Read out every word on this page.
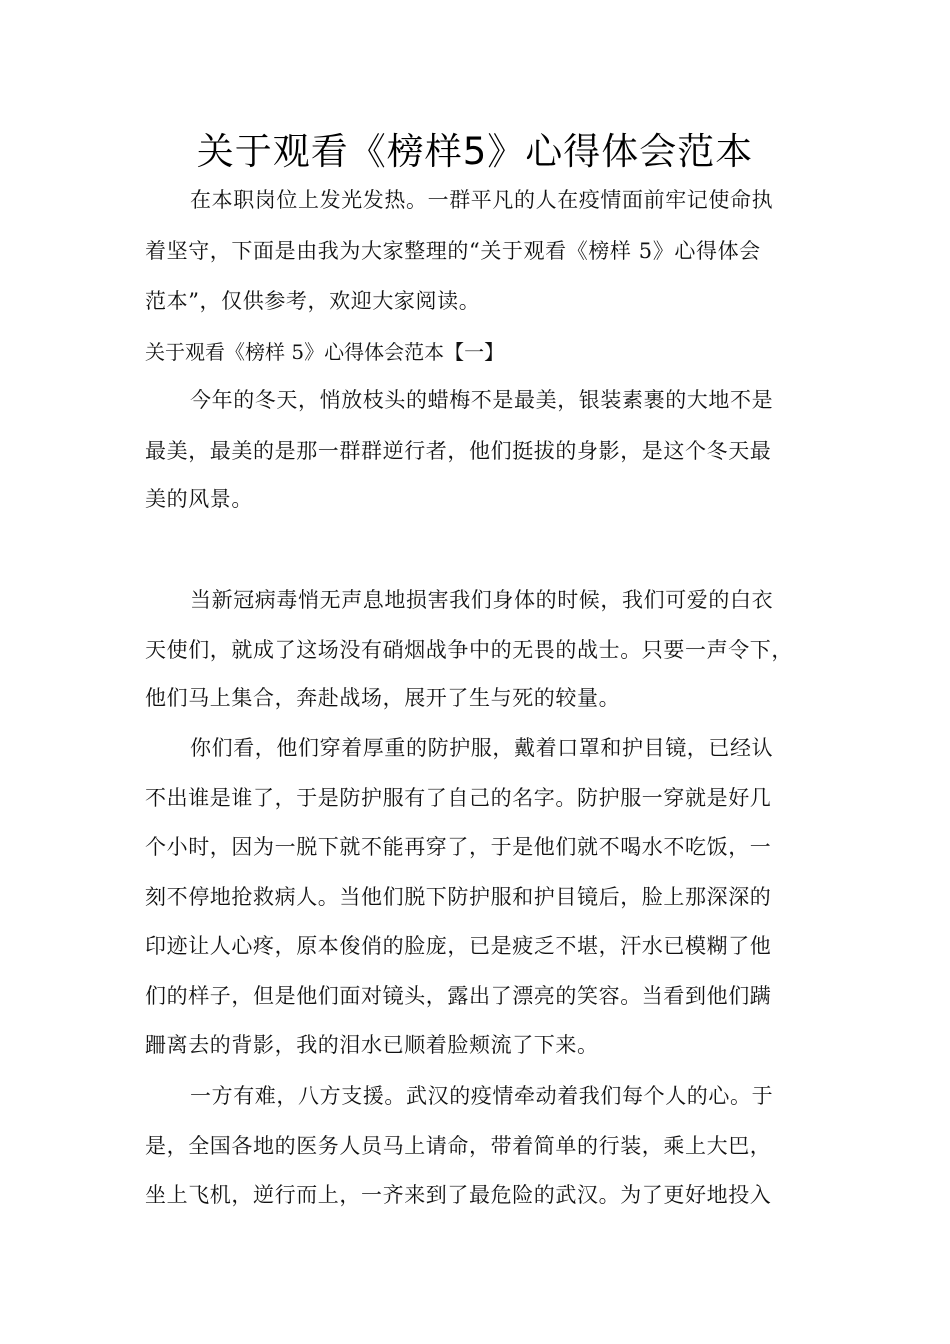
关于观看《榜样5》心得体会范本
在本职岗位上发光发热。一群平凡的人在疫情面前牢记使命执
着坚守，下面是由我为大家整理的“关于观看《榜样 5》心得体会
范本”，仅供参考，欢迎大家阅读。
关于观看《榜样 5》心得体会范本【一】
今年的冬天，悄放枝头的蜡梅不是最美，银装素裹的大地不是
最美，最美的是那一群群逆行者，他们挺拔的身影，是这个冬天最
美的风景。
当新冠病毒悄无声息地损害我们身体的时候，我们可爱的白衣
天使们，就成了这场没有硝烟战争中的无畏的战士。只要一声令下，
他们马上集合，奔赴战场，展开了生与死的较量。
你们看，他们穿着厚重的防护服，戴着口罩和护目镜，已经认
不出谁是谁了，于是防护服有了自己的名字。防护服一穿就是好几
个小时，因为一脱下就不能再穿了，于是他们就不喝水不吃饭，一
刻不停地抢救病人。当他们脱下防护服和护目镜后，脸上那深深的
印迹让人心疼，原本俊俏的脸庞，已是疲乏不堪，汗水已模糊了他
们的样子，但是他们面对镜头，露出了漂亮的笑容。当看到他们蹒
跚离去的背影，我的泪水已顺着脸颊流了下来。
一方有难，八方支援。武汉的疫情牵动着我们每个人的心。于
是，全国各地的医务人员马上请命，带着简单的行装，乘上大巴，
坐上飞机，逆行而上，一齐来到了最危险的武汉。为了更好地投入
